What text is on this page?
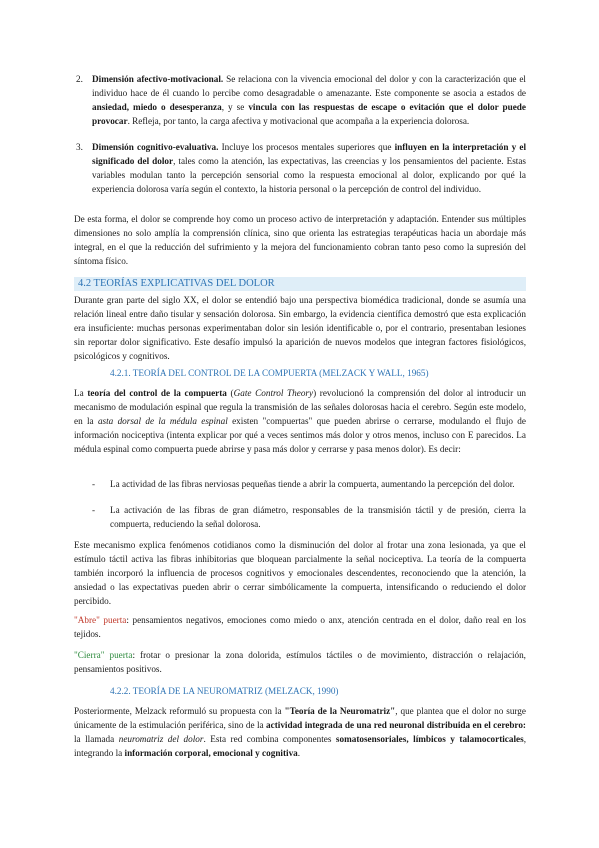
2. Dimensión afectivo-motivacional. Se relaciona con la vivencia emocional del dolor y con la caracterización que el individuo hace de él cuando lo percibe como desagradable o amenazante. Este componente se asocia a estados de ansiedad, miedo o desesperanza, y se vincula con las respuestas de escape o evitación que el dolor puede provocar. Refleja, por tanto, la carga afectiva y motivacional que acompaña a la experiencia dolorosa.
3. Dimensión cognitivo-evaluativa. Incluye los procesos mentales superiores que influyen en la interpretación y el significado del dolor, tales como la atención, las expectativas, las creencias y los pensamientos del paciente. Estas variables modulan tanto la percepción sensorial como la respuesta emocional al dolor, explicando por qué la experiencia dolorosa varía según el contexto, la historia personal o la percepción de control del individuo.

De esta forma, el dolor se comprende hoy como un proceso activo de interpretación y adaptación. Entender sus múltiples dimensiones no solo amplía la comprensión clínica, sino que orienta las estrategias terapéuticas hacia un abordaje más integral, en el que la reducción del sufrimiento y la mejora del funcionamiento cobran tanto peso como la supresión del síntoma físico.

4.2 TEORÍAS EXPLICATIVAS DEL DOLOR

Durante gran parte del siglo XX, el dolor se entendió bajo una perspectiva biomédica tradicional, donde se asumía una relación lineal entre daño tisular y sensación dolorosa. Sin embargo, la evidencia científica demostró que esta explicación era insuficiente: muchas personas experimentaban dolor sin lesión identificable o, por el contrario, presentaban lesiones sin reportar dolor significativo. Este desafío impulsó la aparición de nuevos modelos que integran factores fisiológicos, psicológicos y cognitivos.

4.2.1. TEORÍA DEL CONTROL DE LA COMPUERTA (MELZACK Y WALL, 1965)

La teoría del control de la compuerta (Gate Control Theory) revolucionó la comprensión del dolor al introducir un mecanismo de modulación espinal que regula la transmisión de las señales dolorosas hacia el cerebro. Según este modelo, en la asta dorsal de la médula espinal existen "compuertas" que pueden abrirse o cerrarse, modulando el flujo de información nociceptiva (intenta explicar por qué a veces sentimos más dolor y otros menos, incluso con E parecidos. La médula espinal como compuerta puede abrirse y pasa más dolor y cerrarse y pasa menos dolor). Es decir:

- La actividad de las fibras nerviosas pequeñas tiende a abrir la compuerta, aumentando la percepción del dolor.
- La activación de las fibras de gran diámetro, responsables de la transmisión táctil y de presión, cierra la compuerta, reduciendo la señal dolorosa.

Este mecanismo explica fenómenos cotidianos como la disminución del dolor al frotar una zona lesionada, ya que el estímulo táctil activa las fibras inhibitorias que bloquean parcialmente la señal nociceptiva. La teoría de la compuerta también incorporó la influencia de procesos cognitivos y emocionales descendentes, reconociendo que la atención, la ansiedad o las expectativas pueden abrir o cerrar simbólicamente la compuerta, intensificando o reduciendo el dolor percibido.

"Abre" puerta: pensamientos negativos, emociones como miedo o anx, atención centrada en el dolor, daño real en los tejidos.

"Cierra" puerta: frotar o presionar la zona dolorida, estímulos táctiles o de movimiento, distracción o relajación, pensamientos positivos.

4.2.2. TEORÍA DE LA NEUROMATRIZ (MELZACK, 1990)

Posteriormente, Melzack reformuló su propuesta con la "Teoría de la Neuromatriz", que plantea que el dolor no surge únicamente de la estimulación periférica, sino de la actividad integrada de una red neuronal distribuida en el cerebro: la llamada neuromatriz del dolor. Esta red combina componentes somatosensoriales, límbicos y talamocorticales, integrando la información corporal, emocional y cognitiva.
